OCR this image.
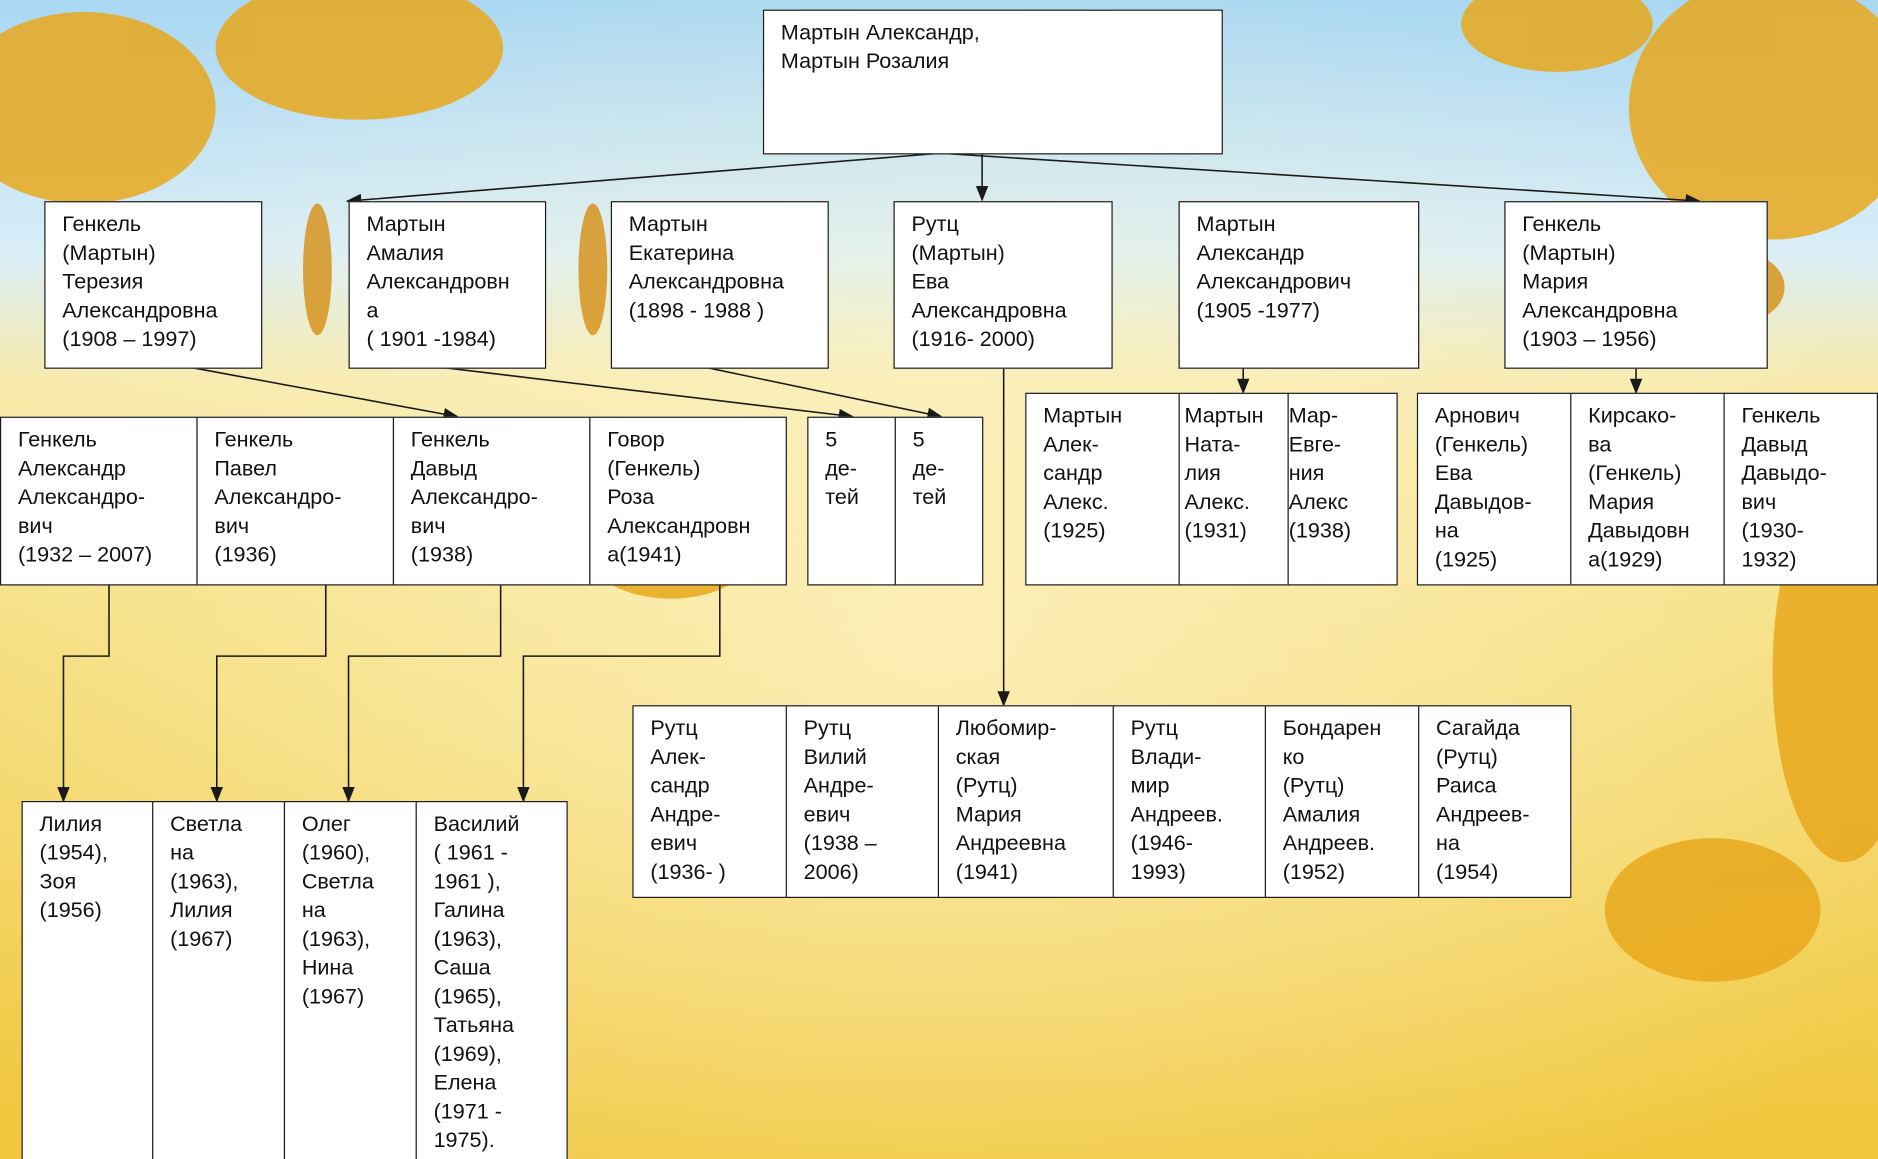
Мартын Александр,
Мартын Розалия
Генкель
(Мартын)
Терезия
Александровна
(1908 – 1997)
Мартын
Амалия
Александровн
а
( 1901 -1984)
Мартын
Екатерина
Александровна
(1898 - 1988 )
Рутц
(Мартын)
Ева
Александровна
(1916- 2000)
Мартын
Александр
Александрович
(1905 -1977)
Генкель
(Мартын)
Мария
Александровна
(1903 – 1956)
Генкель
Александр
Александро-
вич
(1932 – 2007)
Генкель
Павел
Александро-
вич
(1936)
Генкель
Давыд
Александро-
вич
(1938)
Говор
(Генкель)
Роза
Александровн
а(1941)
5
де-
тей
5
де-
тей
Мартын
Алек-
сандр
Алекс.
(1925)
Мартын
Ната-
лия
Алекс.
(1931)
Мар-
Евге-
ния
Алекс
(1938)
Арнович
(Генкель)
Ева
Давыдов-
на
(1925)
Кирсако-
ва
(Генкель)
Мария
Давыдовн
а(1929)
Генкель
Давыд
Давыдо-
вич
(1930-
1932)
Рутц
Алек-
сандр
Андре-
евич
(1936- )
Рутц
Вилий
Андре-
евич
(1938 –
2006)
Любомир-
ская
(Рутц)
Мария
Андреевна
(1941)
Рутц
Влади-
мир
Андреев.
(1946-
1993)
Бондарен
ко
(Рутц)
Амалия
Андреев.
(1952)
Сагайда
(Рутц)
Раиса
Андреев-
на
(1954)
Лилия
(1954),
Зоя
(1956)
Светла
на
(1963),
Лилия
(1967)
Олег
(1960),
Светла
на
(1963),
Нина
(1967)
Василий
( 1961 -
1961 ),
Галина
(1963),
Саша
(1965),
Татьяна
(1969),
Елена
(1971 -
1975).
